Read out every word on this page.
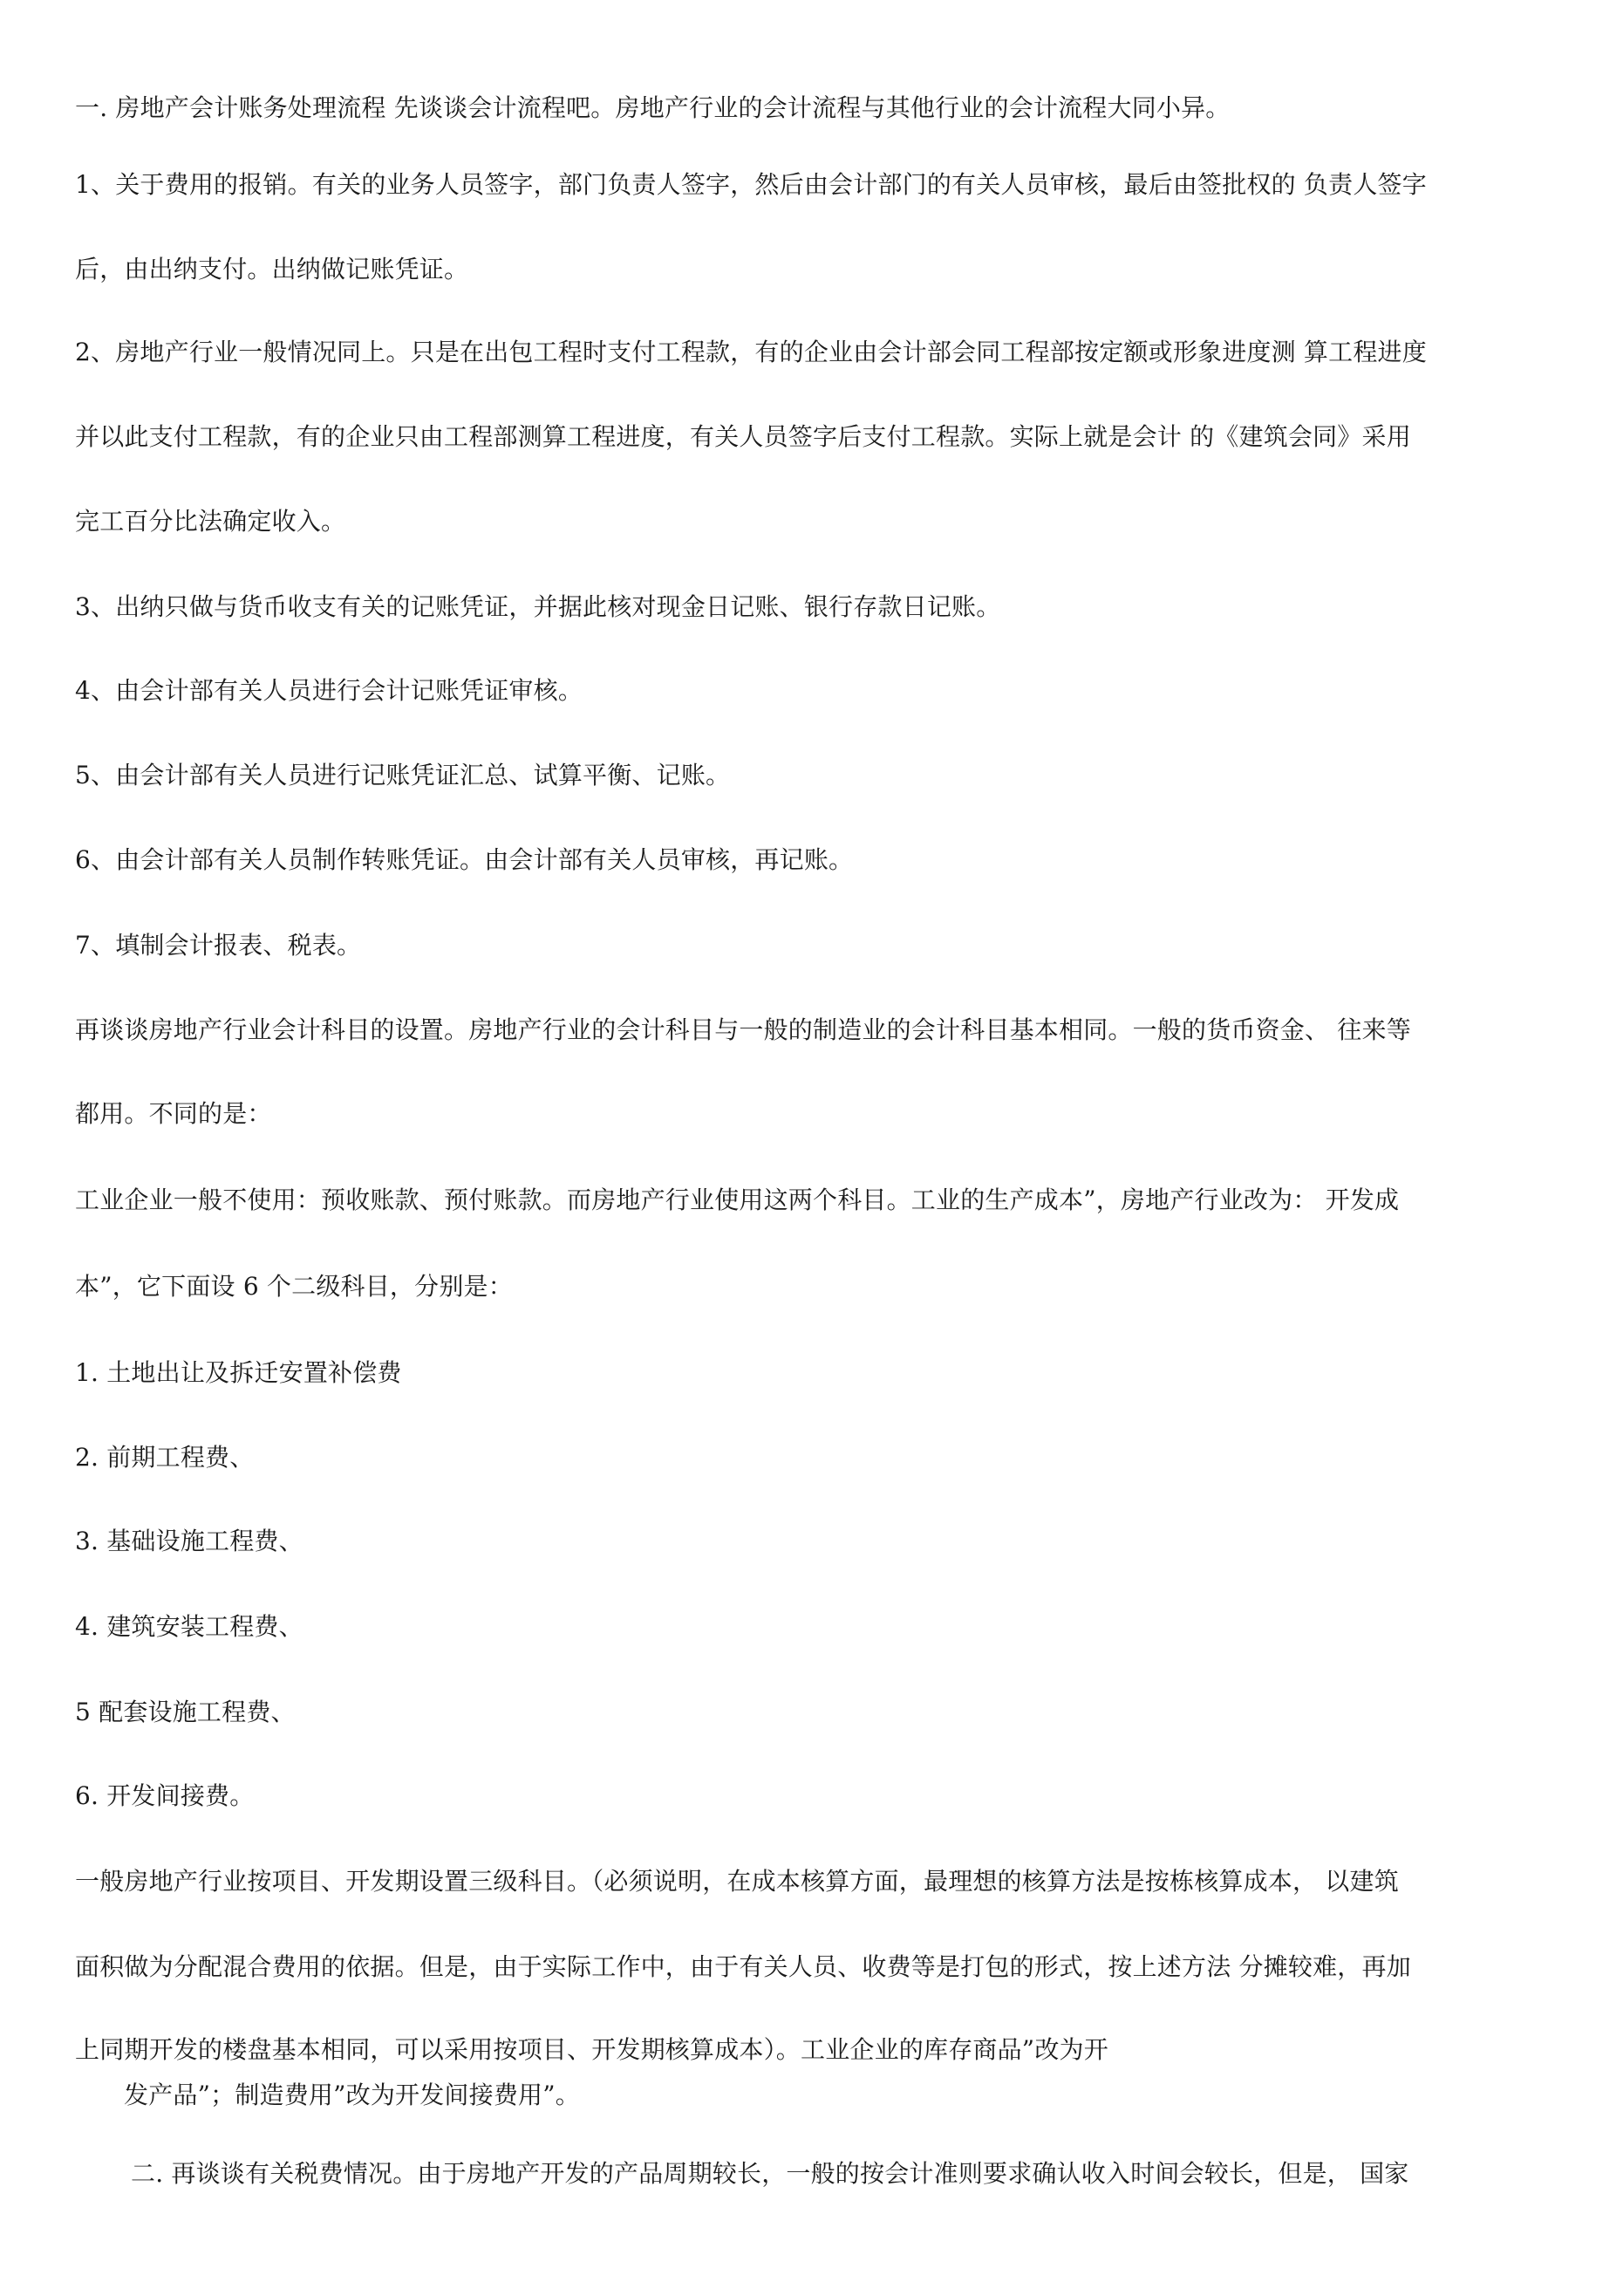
一. 房地产会计账务处理流程 先谈谈会计流程吧。房地产行业的会计流程与其他行业的会计流程大同小异。
1、关于费用的报销。有关的业务人员签字，部门负责人签字，然后由会计部门的有关人员审核，最后由签批权的 负责人签字
后，由出纳支付。出纳做记账凭证。
2、房地产行业一般情况同上。只是在出包工程时支付工程款，有的企业由会计部会同工程部按定额或形象进度测 算工程进度
并以此支付工程款，有的企业只由工程部测算工程进度，有关人员签字后支付工程款。实际上就是会计 的《建筑会同》采用
完工百分比法确定收入。
3、出纳只做与货币收支有关的记账凭证，并据此核对现金日记账、银行存款日记账。
4、由会计部有关人员进行会计记账凭证审核。
5、由会计部有关人员进行记账凭证汇总、试算平衡、记账。
6、由会计部有关人员制作转账凭证。由会计部有关人员审核，再记账。
7、填制会计报表、税表。
再谈谈房地产行业会计科目的设置。房地产行业的会计科目与一般的制造业的会计科目基本相同。一般的货币资金、 往来等
都用。不同的是：
工业企业一般不使用：预收账款、预付账款。而房地产行业使用这两个科目。工业的生产成本”，房地产行业改为： 开发成
本”，它下面设 6 个二级科目，分别是：
1. 土地出让及拆迁安置补偿费
2. 前期工程费、
3. 基础设施工程费、
4. 建筑安装工程费、
5 配套设施工程费、
6. 开发间接费。
一般房地产行业按项目、开发期设置三级科目。（必须说明，在成本核算方面，最理想的核算方法是按栋核算成本， 以建筑
面积做为分配混合费用的依据。但是，由于实际工作中，由于有关人员、收费等是打包的形式，按上述方法 分摊较难，再加
上同期开发的楼盘基本相同，可以采用按项目、开发期核算成本）。工业企业的库存商品”改为开
发产品”；制造费用”改为开发间接费用”。
二. 再谈谈有关税费情况。由于房地产开发的产品周期较长，一般的按会计准则要求确认收入时间会较长，但是， 国家
